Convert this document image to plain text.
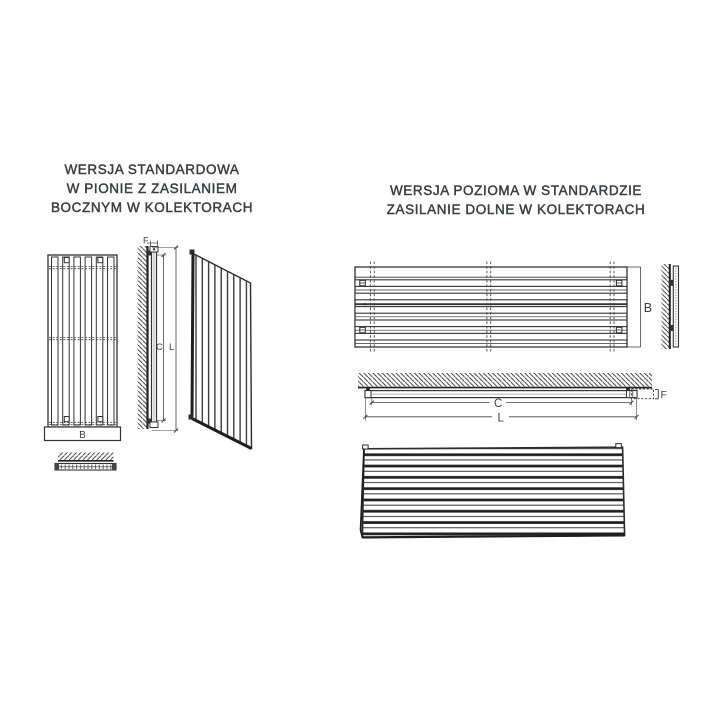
WERSJA STANDARDOWA
W PIONIE Z ZASILANIEM
BOCZNYM W KOLEKTORACH
WERSJA POZIOMA W STANDARDZIE
ZASILANIE DOLNE W KOLEKTORACH
B
F
C L
B
F
C
L
